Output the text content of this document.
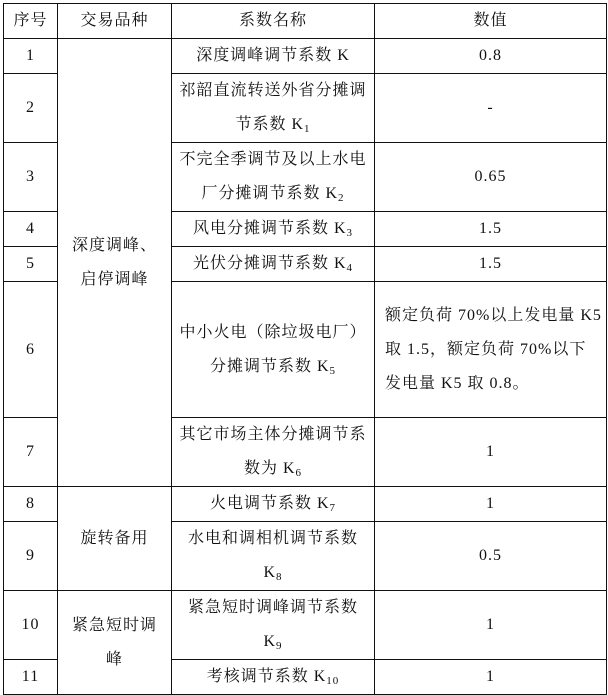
序号	交易品种	系数名称	数值
1	深度调峰、启停调峰	深度调峰调节系数 K	0.8
2		祁韶直流转送外省分摊调节系数 $K_1$	-
3		不完全季调节及以上水电厂分摊调节系数 $K_2$	0.65
4		风电分摊调节系数 $K_3$	1.5
5		光伏分摊调节系数 $K_4$	1.5
6		中小火电（除垃圾电厂）分摊调节系数 $K_5$	额定负荷 70%以上发电量 K5 取 1.5，额定负荷 70%以下发电量 K5 取 0.8。
7		其它市场主体分摊调节系数为 $K_6$	1
8	旋转备用	火电调节系数 $K_7$	1
9		水电和调相机调节系数 $K_8$	0.5
10	紧急短时调峰	紧急短时调峰调节系数 $K_9$	1
11		考核调节系数 $K_{10}$	1
